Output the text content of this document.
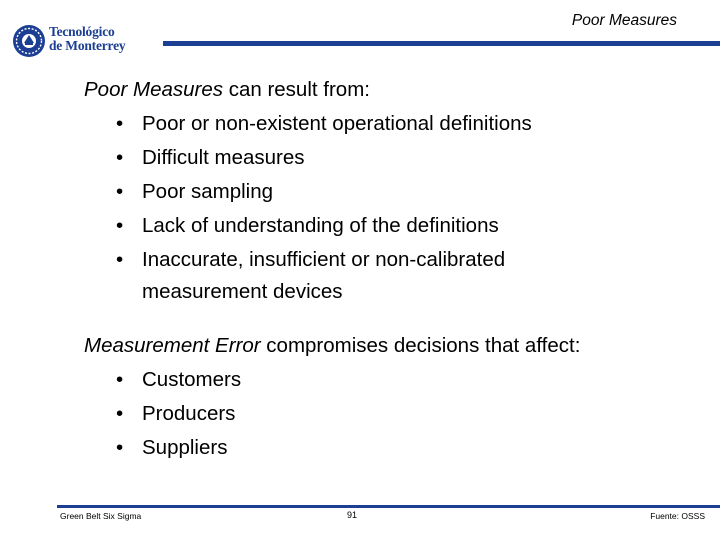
Tecnológico
de Monterrey
Poor Measures

Poor Measures can result from:

• Poor or non-existent operational definitions
• Difficult measures
• Poor sampling
• Lack of understanding of the definitions
• Inaccurate, insufficient or non-calibrated
measurement devices

Measurement Error compromises decisions that affect:

• Customers
• Producers
• Suppliers
Green Belt Six Sigma	91	Fuente: OSSS
